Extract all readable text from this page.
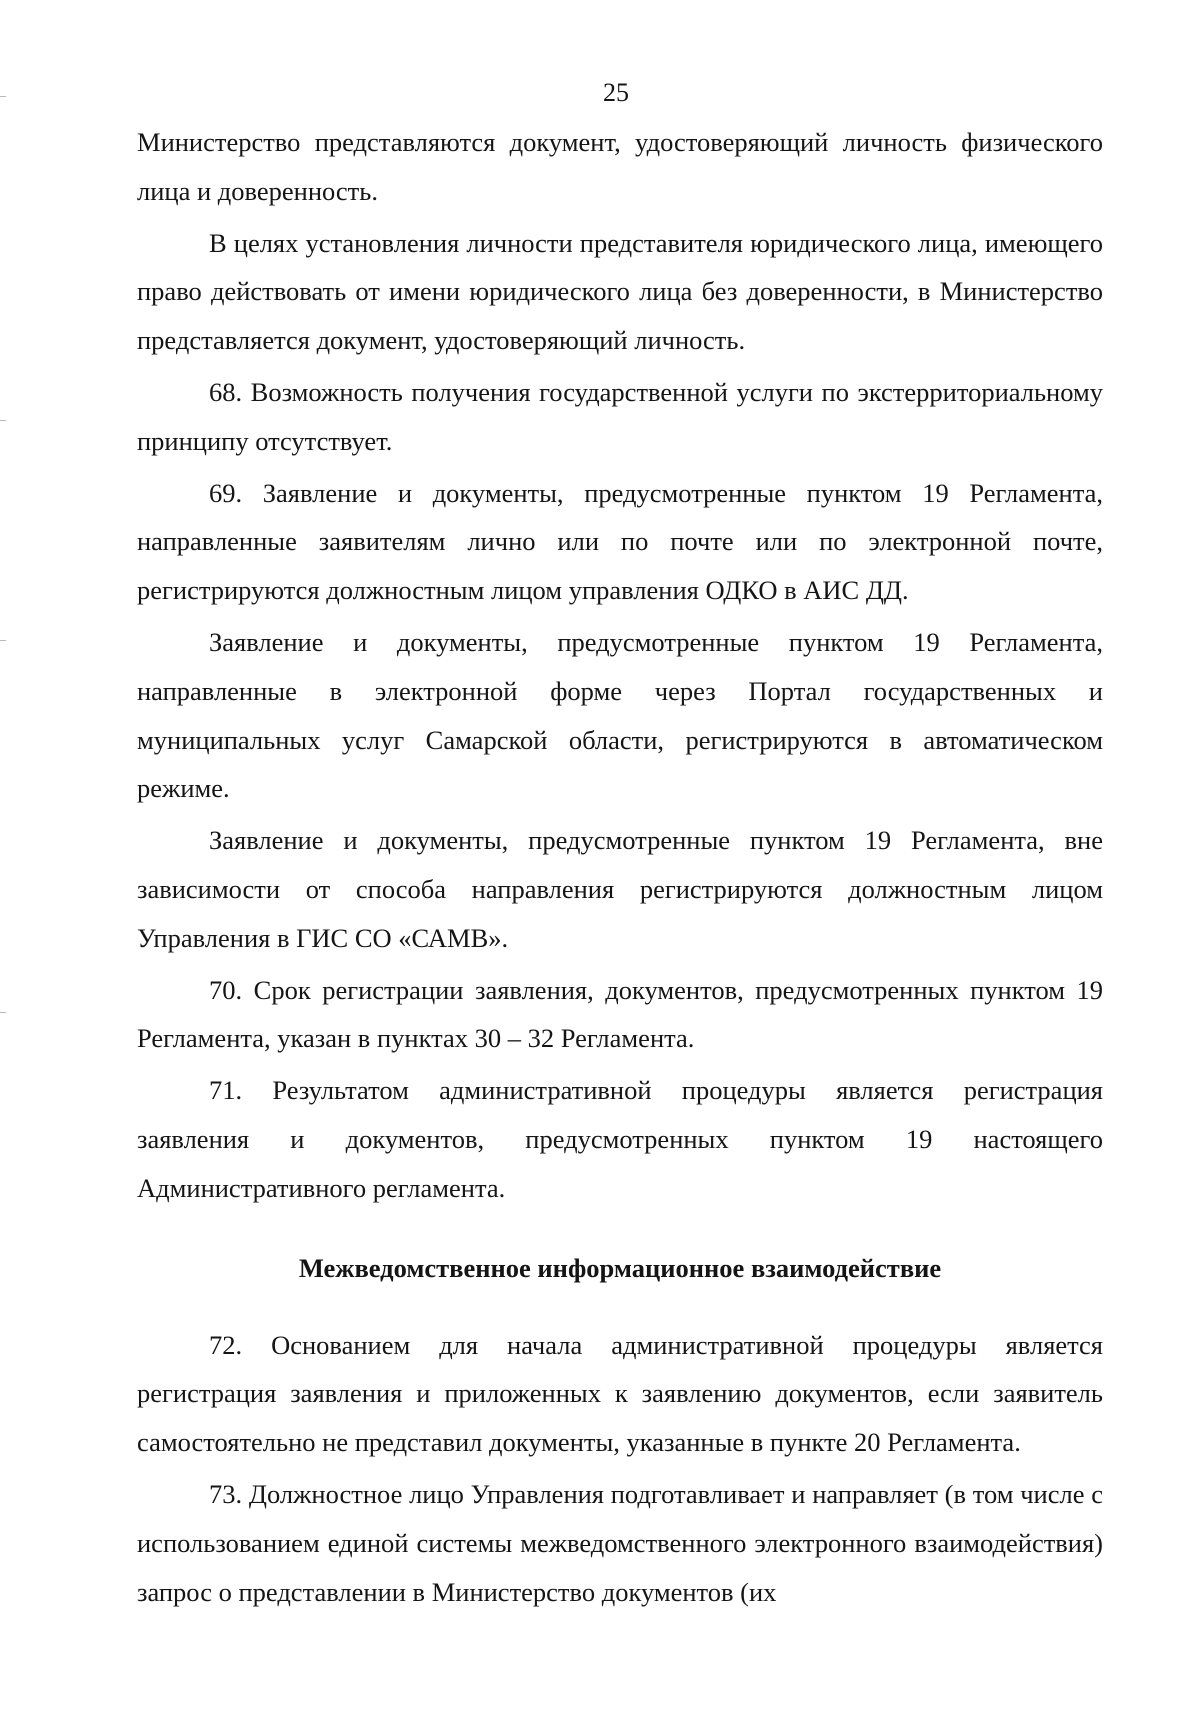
25

Министерство представляются документ, удостоверяющий личность физического лица и доверенность.

В целях установления личности представителя юридического лица, имеющего право действовать от имени юридического лица без доверенности, в Министерство представляется документ, удостоверяющий личность.

68. Возможность получения государственной услуги по экстерриториальному принципу отсутствует.

69. Заявление и документы, предусмотренные пунктом 19 Регламента, направленные заявителям лично или по почте или по электронной почте, регистрируются должностным лицом управления ОДКО в АИС ДД.

Заявление и документы, предусмотренные пунктом 19 Регламента, направленные в электронной форме через Портал государственных и муниципальных услуг Самарской области, регистрируются в автоматическом режиме.

Заявление и документы, предусмотренные пунктом 19 Регламента, вне зависимости от способа направления регистрируются должностным лицом Управления в ГИС СО «САМВ».

70. Срок регистрации заявления, документов, предусмотренных пунктом 19 Регламента, указан в пунктах 30 – 32 Регламента.

71. Результатом административной процедуры является регистрация заявления и документов, предусмотренных пунктом 19 настоящего Административного регламента.

Межведомственное информационное взаимодействие

72. Основанием для начала административной процедуры является регистрация заявления и приложенных к заявлению документов, если заявитель самостоятельно не представил документы, указанные в пункте 20 Регламента.

73. Должностное лицо Управления подготавливает и направляет (в том числе с использованием единой системы межведомственного электронного взаимодействия) запрос о представлении в Министерство документов (их
